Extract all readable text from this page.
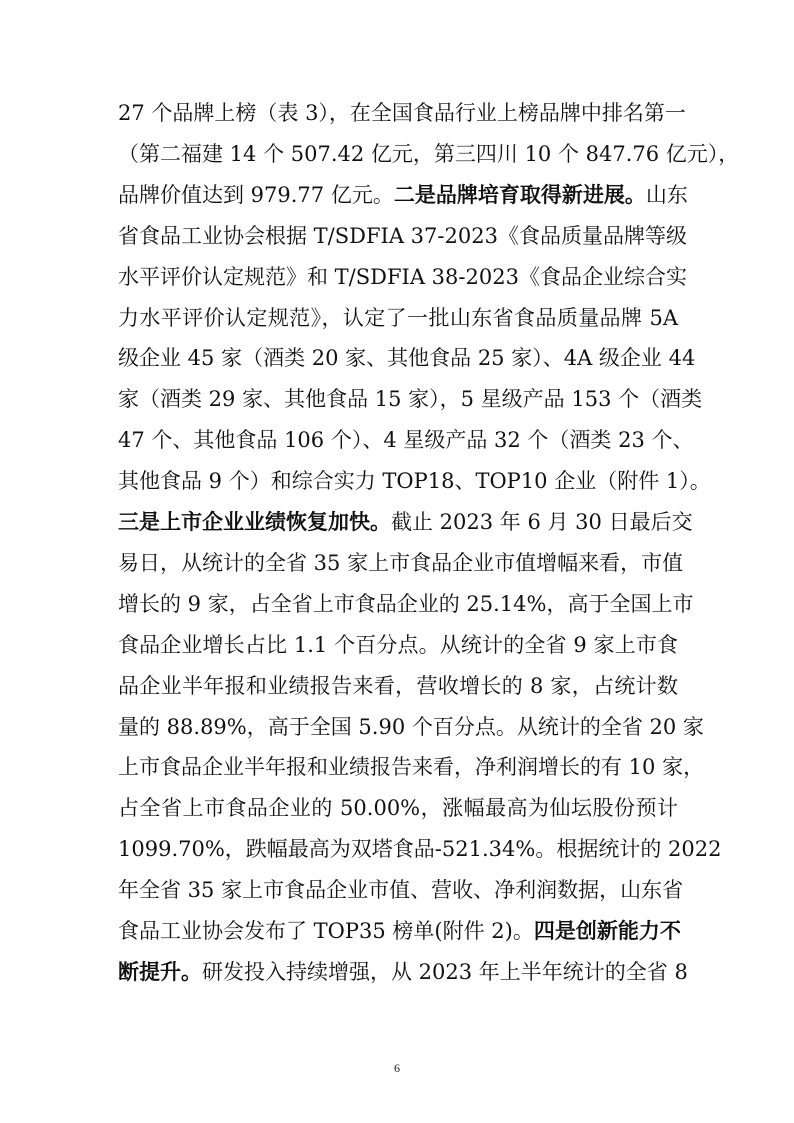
27 个品牌上榜（表 3），在全国食品行业上榜品牌中排名第一
（第二福建 14 个 507.42 亿元，第三四川 10 个 847.76 亿元），
品牌价值达到 979.77 亿元。二是品牌培育取得新进展。山东
省食品工业协会根据 T/SDFIA 37-2023《食品质量品牌等级
水平评价认定规范》和 T/SDFIA 38-2023《食品企业综合实
力水平评价认定规范》，认定了一批山东省食品质量品牌 5A
级企业 45 家（酒类 20 家、其他食品 25 家）、4A 级企业 44
家（酒类 29 家、其他食品 15 家），5 星级产品 153 个（酒类
47 个、其他食品 106 个）、4 星级产品 32 个（酒类 23 个、
其他食品 9 个）和综合实力 TOP18、TOP10 企业（附件 1）。
三是上市企业业绩恢复加快。截止 2023 年 6 月 30 日最后交
易日，从统计的全省 35 家上市食品企业市值增幅来看，市值
增长的 9 家，占全省上市食品企业的 25.14%，高于全国上市
食品企业增长占比 1.1 个百分点。从统计的全省 9 家上市食
品企业半年报和业绩报告来看，营收增长的 8 家，占统计数
量的 88.89%，高于全国 5.90 个百分点。从统计的全省 20 家
上市食品企业半年报和业绩报告来看，净利润增长的有 10 家，
占全省上市食品企业的 50.00%，涨幅最高为仙坛股份预计
1099.70%，跌幅最高为双塔食品-521.34%。根据统计的 2022
年全省 35 家上市食品企业市值、营收、净利润数据，山东省
食品工业协会发布了 TOP35 榜单(附件 2)。四是创新能力不
断提升。研发投入持续增强，从 2023 年上半年统计的全省 8
6
